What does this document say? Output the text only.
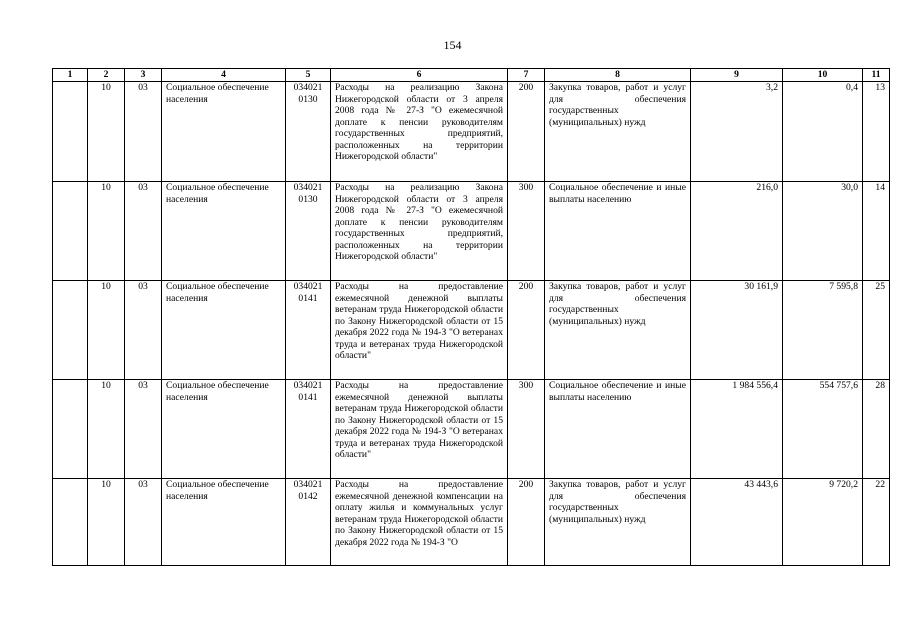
154
1	2	3	4	5	6	7	8	9	10	11
	10	03	Социальное обеспечение населения	034021 0130	Расходы на реализацию Закона Нижегородской области от 3 апреля 2008 года № 27-З "О ежемесячной доплате к пенсии руководителям государственных предприятий, расположенных на территории Нижегородской области"	200	Закупка товаров, работ и услуг для обеспечения государственных (муниципальных) нужд	3,2	0,4	13
	10	03	Социальное обеспечение населения	034021 0130	Расходы на реализацию Закона Нижегородской области от 3 апреля 2008 года № 27-З "О ежемесячной доплате к пенсии руководителям государственных предприятий, расположенных на территории Нижегородской области"	300	Социальное обеспечение и иные выплаты населению	216,0	30,0	14
	10	03	Социальное обеспечение населения	034021 0141	Расходы на предоставление ежемесячной денежной выплаты ветеранам труда Нижегородской области по Закону Нижегородской области от 15 декабря 2022 года № 194-З "О ветеранах труда и ветеранах труда Нижегородской области"	200	Закупка товаров, работ и услуг для обеспечения государственных (муниципальных) нужд	30 161,9	7 595,8	25
	10	03	Социальное обеспечение населения	034021 0141	Расходы на предоставление ежемесячной денежной выплаты ветеранам труда Нижегородской области по Закону Нижегородской области от 15 декабря 2022 года № 194-З "О ветеранах труда и ветеранах труда Нижегородской области"	300	Социальное обеспечение и иные выплаты населению	1 984 556,4	554 757,6	28
	10	03	Социальное обеспечение населения	034021 0142	Расходы на предоставление ежемесячной денежной компенсации на оплату жилья и коммунальных услуг ветеранам труда Нижегородской области по Закону Нижегородской области от 15 декабря 2022 года № 194-З "О	200	Закупка товаров, работ и услуг для обеспечения государственных (муниципальных) нужд	43 443,6	9 720,2	22
